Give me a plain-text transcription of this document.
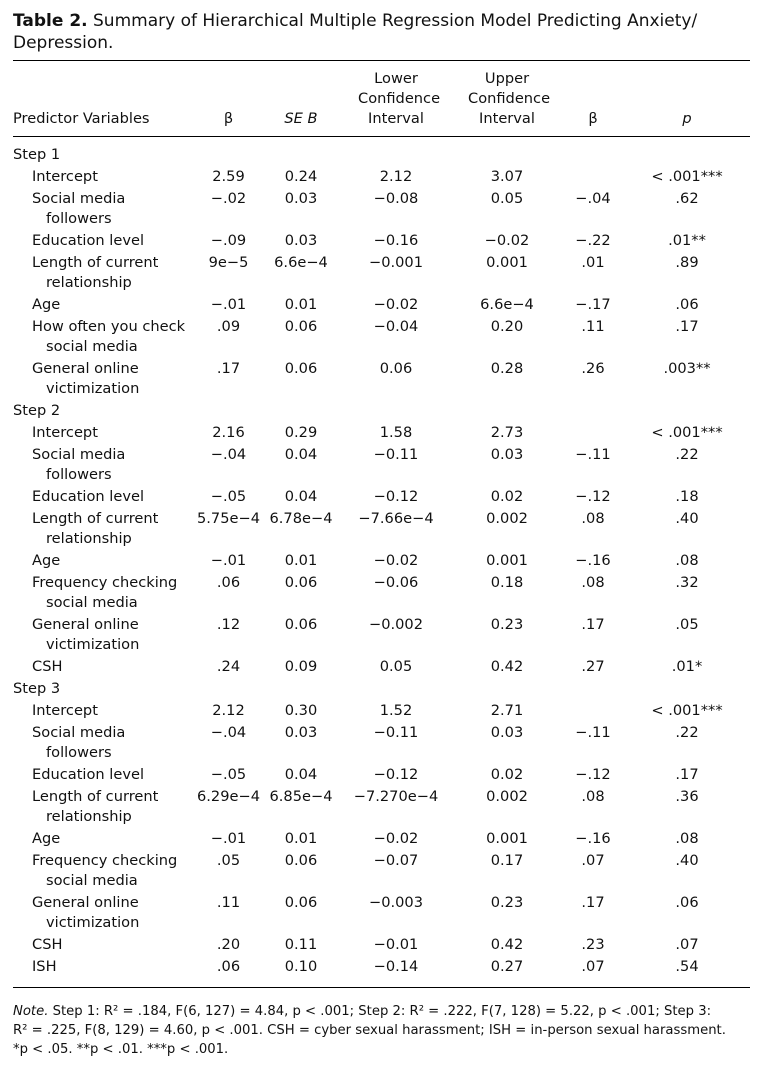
Table 2. Summary of Hierarchical Multiple Regression Model Predicting Anxiety/ Depression.

Predictor Variables	β	SE B	Lower Confidence Interval	Upper Confidence Interval	β	p
Step 1						

Intercept	2.59	0.24	2.12	3.07		< .001***

Social media followers	−.02	0.03	−0.08	0.05	−.04	.62

Education level	−.09	0.03	−0.16	−0.02	−.22	.01**

Length of current relationship	9e−5	6.6e−4	−0.001	0.001	.01	.89

Age	−.01	0.01	−0.02	6.6e−4	−.17	.06

How often you check social media	.09	0.06	−0.04	0.20	.11	.17

General online victimization	.17	0.06	0.06	0.28	.26	.003**
Step 2						

Intercept	2.16	0.29	1.58	2.73		< .001***

Social media followers	−.04	0.04	−0.11	0.03	−.11	.22

Education level	−.05	0.04	−0.12	0.02	−.12	.18

Length of current relationship	5.75e−4	6.78e−4	−7.66e−4	0.002	.08	.40

Age	−.01	0.01	−0.02	0.001	−.16	.08

Frequency checking social media	.06	0.06	−0.06	0.18	.08	.32

General online victimization	.12	0.06	−0.002	0.23	.17	.05

CSH	.24	0.09	0.05	0.42	.27	.01*
Step 3						

Intercept	2.12	0.30	1.52	2.71		< .001***

Social media followers	−.04	0.03	−0.11	0.03	−.11	.22

Education level	−.05	0.04	−0.12	0.02	−.12	.17

Length of current relationship	6.29e−4	6.85e−4	−7.270e−4	0.002	.08	.36

Age	−.01	0.01	−0.02	0.001	−.16	.08

Frequency checking social media	.05	0.06	−0.07	0.17	.07	.40

General online victimization	.11	0.06	−0.003	0.23	.17	.06

CSH	.20	0.11	−0.01	0.42	.23	.07

ISH	.06	0.10	−0.14	0.27	.07	.54
Note. Step 1: R² = .184, F(6, 127) = 4.84, p < .001; Step 2: R² = .222, F(7, 128) = 5.22, p < .001; Step 3:
R² = .225, F(8, 129) = 4.60, p < .001. CSH = cyber sexual harassment; ISH = in-person sexual harassment.
*p < .05. **p < .01. ***p < .001.
